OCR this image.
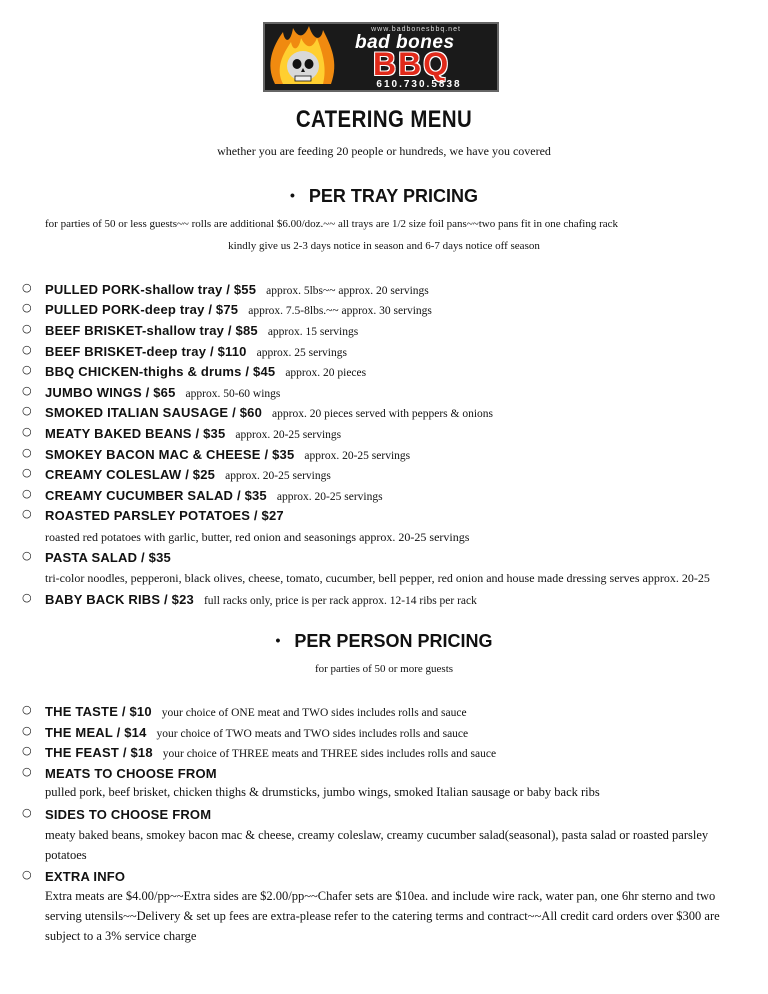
www.badbonesbbq.net
bad bones
BBQ
610.730.5838
CATERING MENU
whether you are feeding 20 people or hundreds, we have you covered
• PER TRAY PRICING
for parties of 50 or less guests~~ rolls are additional $6.00/doz.~~ all trays are 1/2 size foil pans~~two pans fit in one chafing rack
kindly give us 2-3 days notice in season and 6-7 days notice off season
○ PULLED PORK-shallow tray / $55 approx. 5lbs~~ approx. 20 servings
○ PULLED PORK-deep tray / $75 approx. 7.5-8lbs.~~ approx. 30 servings
○ BEEF BRISKET-shallow tray / $85 approx. 15 servings
○ BEEF BRISKET-deep tray / $110 approx. 25 servings
○ BBQ CHICKEN-thighs & drums / $45 approx. 20 pieces
○ JUMBO WINGS / $65 approx. 50-60 wings
○ SMOKED ITALIAN SAUSAGE / $60 approx. 20 pieces served with peppers & onions
○ MEATY BAKED BEANS / $35 approx. 20-25 servings
○ SMOKEY BACON MAC & CHEESE / $35 approx. 20-25 servings
○ CREAMY COLESLAW / $25 approx. 20-25 servings
○ CREAMY CUCUMBER SALAD / $35 approx. 20-25 servings
○ ROASTED PARSLEY POTATOES / $27
○ PASTA SALAD / $35
○ BABY BACK RIBS / $23 full racks only, price is per rack approx. 12-14 ribs per rack
roasted red potatoes with garlic, butter, red onion and seasonings approx. 20-25 servings
tri-color noodles, pepperoni, black olives, cheese, tomato, cucumber, bell pepper, red onion and house made dressing serves approx. 20-25
• PER PERSON PRICING
for parties of 50 or more guests
○ THE TASTE / $10 your choice of ONE meat and TWO sides includes rolls and sauce
○ THE MEAL / $14 your choice of TWO meats and TWO sides includes rolls and sauce
○ THE FEAST / $18 your choice of THREE meats and THREE sides includes rolls and sauce
○ MEATS TO CHOOSE FROM
○ SIDES TO CHOOSE FROM
○ EXTRA INFO
pulled pork, beef brisket, chicken thighs & drumsticks, jumbo wings, smoked Italian sausage or baby back ribs
meaty baked beans, smokey bacon mac & cheese, creamy coleslaw, creamy cucumber salad(seasonal), pasta salad or roasted parsley potatoes
Extra meats are $4.00/pp~~Extra sides are $2.00/pp~~Chafer sets are $10ea. and include wire rack, water pan, one 6hr sterno and two serving utensils~~Delivery & set up fees are extra-please refer to the catering terms and contract~~All credit card orders over $300 are subject to a 3% service charge
